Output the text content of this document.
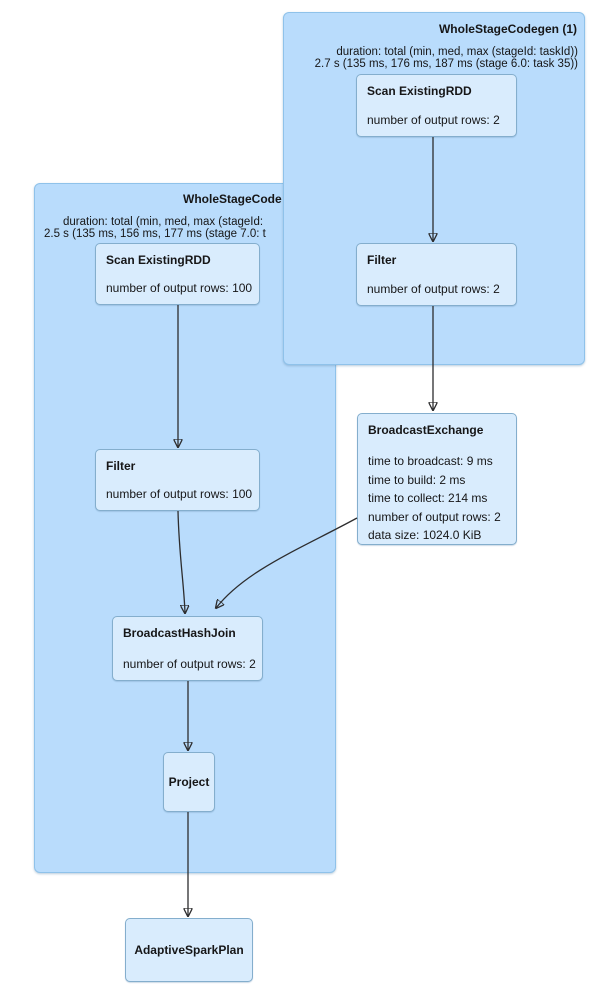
WholeStageCode
duration: total (min, med, max (stageId:
2.5 s (135 ms, 156 ms, 177 ms (stage 7.0: t
WholeStageCodegen (1)
duration: total (min, med, max (stageId: taskId))
2.7 s (135 ms, 176 ms, 187 ms (stage 6.0: task 35))
Scan ExistingRDD
number of output rows: 2
Filter
number of output rows: 2
Scan ExistingRDD
number of output rows: 100
Filter
number of output rows: 100
BroadcastExchange
time to broadcast: 9 ms
time to build: 2 ms
time to collect: 214 ms
number of output rows: 2
data size: 1024.0 KiB
BroadcastHashJoin
number of output rows: 2
Project
AdaptiveSparkPlan
